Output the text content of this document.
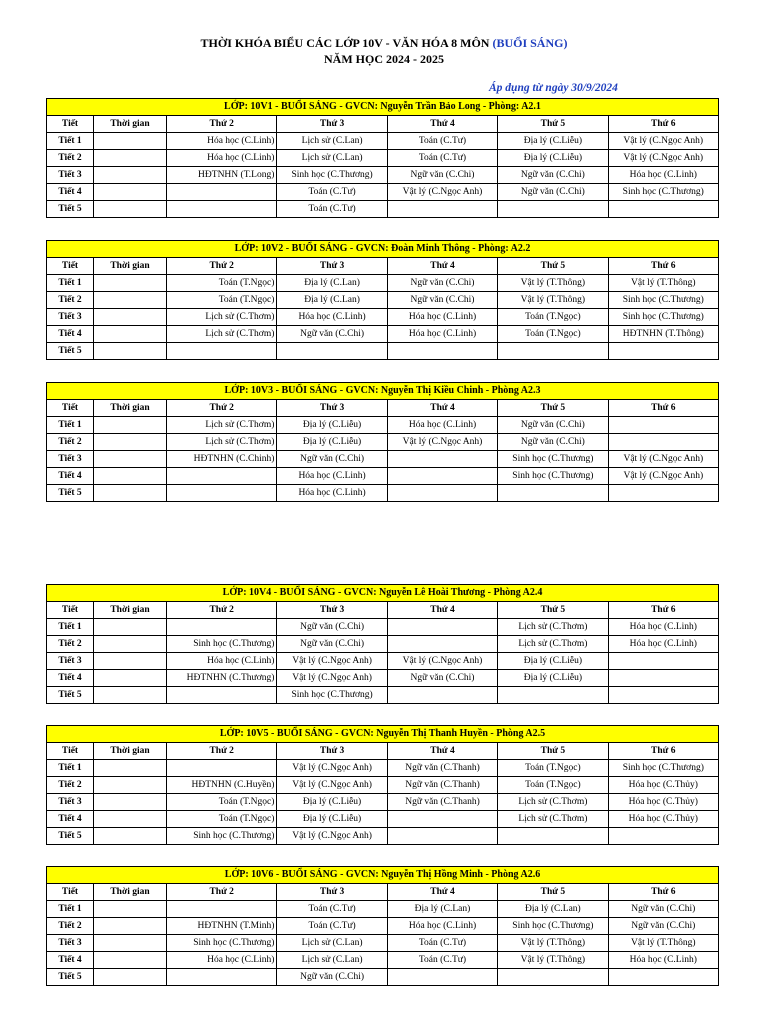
THỜI KHÓA BIỂU CÁC LỚP 10V - VĂN HÓA 8 MÔN (BUỔI SÁNG)
NĂM HỌC 2024 - 2025
Áp dụng từ ngày 30/9/2024
LỚP: 10V1 - BUỔI SÁNG - GVCN: Nguyễn Trần Bảo Long - Phòng: A2.1						
Tiết	Thời gian	Thứ 2	Thứ 3	Thứ 4	Thứ 5	Thứ 6
Tiết 1		Hóa học (C.Linh)	Lịch sử (C.Lan)	Toán (C.Tư)	Địa lý (C.Liễu)	Vật lý (C.Ngọc Anh)
Tiết 2		Hóa học (C.Linh)	Lịch sử (C.Lan)	Toán (C.Tư)	Địa lý (C.Liễu)	Vật lý (C.Ngọc Anh)
Tiết 3		HĐTNHN (T.Long)	Sinh học (C.Thương)	Ngữ văn (C.Chi)	Ngữ văn (C.Chi)	Hóa học (C.Linh)
Tiết 4			Toán (C.Tư)	Vật lý (C.Ngọc Anh)	Ngữ văn (C.Chi)	Sinh học (C.Thương)
Tiết 5			Toán (C.Tư)			
LỚP: 10V2 - BUỔI SÁNG - GVCN: Đoàn Minh Thông - Phòng: A2.2						
Tiết	Thời gian	Thứ 2	Thứ 3	Thứ 4	Thứ 5	Thứ 6
Tiết 1		Toán (T.Ngọc)	Địa lý (C.Lan)	Ngữ văn (C.Chi)	Vật lý (T.Thông)	Vật lý (T.Thông)
Tiết 2		Toán (T.Ngọc)	Địa lý (C.Lan)	Ngữ văn (C.Chi)	Vật lý (T.Thông)	Sinh học (C.Thương)
Tiết 3		Lịch sử (C.Thơm)	Hóa học (C.Linh)	Hóa học (C.Linh)	Toán (T.Ngọc)	Sinh học (C.Thương)
Tiết 4		Lịch sử (C.Thơm)	Ngữ văn (C.Chi)	Hóa học (C.Linh)	Toán (T.Ngọc)	HĐTNHN (T.Thông)
Tiết 5						
LỚP: 10V3 - BUỔI SÁNG - GVCN: Nguyễn Thị Kiều Chinh - Phòng A2.3						
Tiết	Thời gian	Thứ 2	Thứ 3	Thứ 4	Thứ 5	Thứ 6
Tiết 1		Lịch sử (C.Thơm)	Địa lý (C.Liễu)	Hóa học (C.Linh)	Ngữ văn (C.Chi)	
Tiết 2		Lịch sử (C.Thơm)	Địa lý (C.Liễu)	Vật lý (C.Ngọc Anh)	Ngữ văn (C.Chi)	
Tiết 3		HĐTNHN (C.Chinh)	Ngữ văn (C.Chi)		Sinh học (C.Thương)	Vật lý (C.Ngọc Anh)
Tiết 4			Hóa học (C.Linh)		Sinh học (C.Thương)	Vật lý (C.Ngọc Anh)
Tiết 5			Hóa học (C.Linh)			
LỚP: 10V4 - BUỔI SÁNG - GVCN: Nguyễn Lê Hoài Thương - Phòng A2.4						
Tiết	Thời gian	Thứ 2	Thứ 3	Thứ 4	Thứ 5	Thứ 6
Tiết 1			Ngữ văn (C.Chi)		Lịch sử (C.Thơm)	Hóa học (C.Linh)
Tiết 2		Sinh học (C.Thương)	Ngữ văn (C.Chi)		Lịch sử (C.Thơm)	Hóa học (C.Linh)
Tiết 3		Hóa học (C.Linh)	Vật lý (C.Ngọc Anh)	Vật lý (C.Ngọc Anh)	Địa lý (C.Liễu)	
Tiết 4		HĐTNHN (C.Thương)	Vật lý (C.Ngọc Anh)	Ngữ văn (C.Chi)	Địa lý (C.Liễu)	
Tiết 5			Sinh học (C.Thương)			
LỚP: 10V5 - BUỔI SÁNG - GVCN: Nguyễn Thị Thanh Huyền - Phòng A2.5						
Tiết	Thời gian	Thứ 2	Thứ 3	Thứ 4	Thứ 5	Thứ 6
Tiết 1			Vật lý (C.Ngọc Anh)	Ngữ văn (C.Thanh)	Toán (T.Ngọc)	Sinh học (C.Thương)
Tiết 2		HĐTNHN (C.Huyền)	Vật lý (C.Ngọc Anh)	Ngữ văn (C.Thanh)	Toán (T.Ngọc)	Hóa học (C.Thủy)
Tiết 3		Toán (T.Ngọc)	Địa lý (C.Liễu)	Ngữ văn (C.Thanh)	Lịch sử (C.Thơm)	Hóa học (C.Thủy)
Tiết 4		Toán (T.Ngọc)	Địa lý (C.Liễu)		Lịch sử (C.Thơm)	Hóa học (C.Thủy)
Tiết 5		Sinh học (C.Thương)	Vật lý (C.Ngọc Anh)			
LỚP: 10V6 - BUỔI SÁNG - GVCN: Nguyễn Thị Hồng Minh - Phòng A2.6						
Tiết	Thời gian	Thứ 2	Thứ 3	Thứ 4	Thứ 5	Thứ 6
Tiết 1			Toán (C.Tư)	Địa lý (C.Lan)	Địa lý (C.Lan)	Ngữ văn (C.Chi)
Tiết 2		HĐTNHN (T.Minh)	Toán (C.Tư)	Hóa học (C.Linh)	Sinh học (C.Thương)	Ngữ văn (C.Chi)
Tiết 3		Sinh học (C.Thương)	Lịch sử (C.Lan)	Toán (C.Tư)	Vật lý (T.Thông)	Vật lý (T.Thông)
Tiết 4		Hóa học (C.Linh)	Lịch sử (C.Lan)	Toán (C.Tư)	Vật lý (T.Thông)	Hóa học (C.Linh)
Tiết 5			Ngữ văn (C.Chi)			
